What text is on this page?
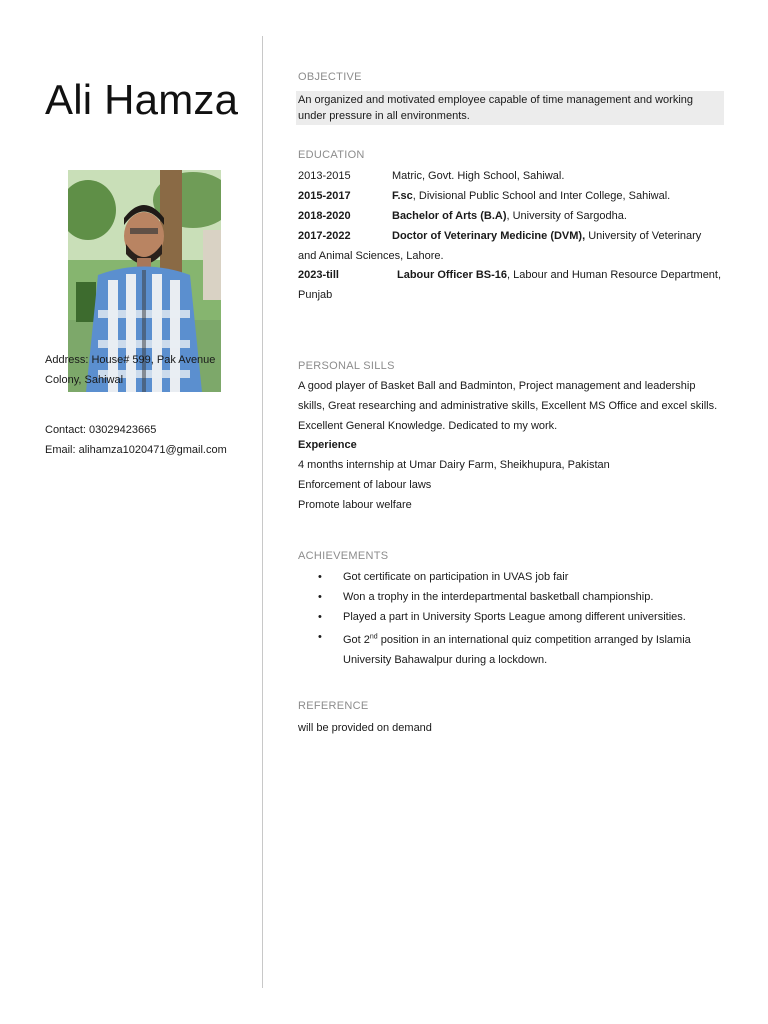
Ali Hamza
Address: House# 599, Pak Avenue Colony, Sahiwal
Contact: 03029423665
Email: alihamza1020471@gmail.com
OBJECTIVE
An organized and motivated employee capable of time management and working under pressure in all environments.
EDUCATION
2013-2015	Matric, Govt. High School, Sahiwal.
2015-2017	F.sc, Divisional Public School and Inter College, Sahiwal.
2018-2020	Bachelor of Arts (B.A), University of Sargodha.
2017-2022	Doctor of Veterinary Medicine (DVM), University of Veterinary and Animal Sciences, Lahore.
2023-till	Labour Officer BS-16, Labour and Human Resource Department, Punjab
PERSONAL SILLS
A good player of Basket Ball and Badminton, Project management and leadership skills, Great researching and administrative skills, Excellent MS Office and excel skills. Excellent General Knowledge. Dedicated to my work.
Experience
4 months internship at Umar Dairy Farm, Sheikhupura, Pakistan
Enforcement of labour laws
Promote labour welfare
ACHIEVEMENTS
• Got certificate on participation in UVAS job fair
• Won a trophy in the interdepartmental basketball championship.
• Played a part in University Sports League among different universities.
• Got 2nd position in an international quiz competition arranged by Islamia University Bahawalpur during a lockdown.
REFERENCE
will be provided on demand
